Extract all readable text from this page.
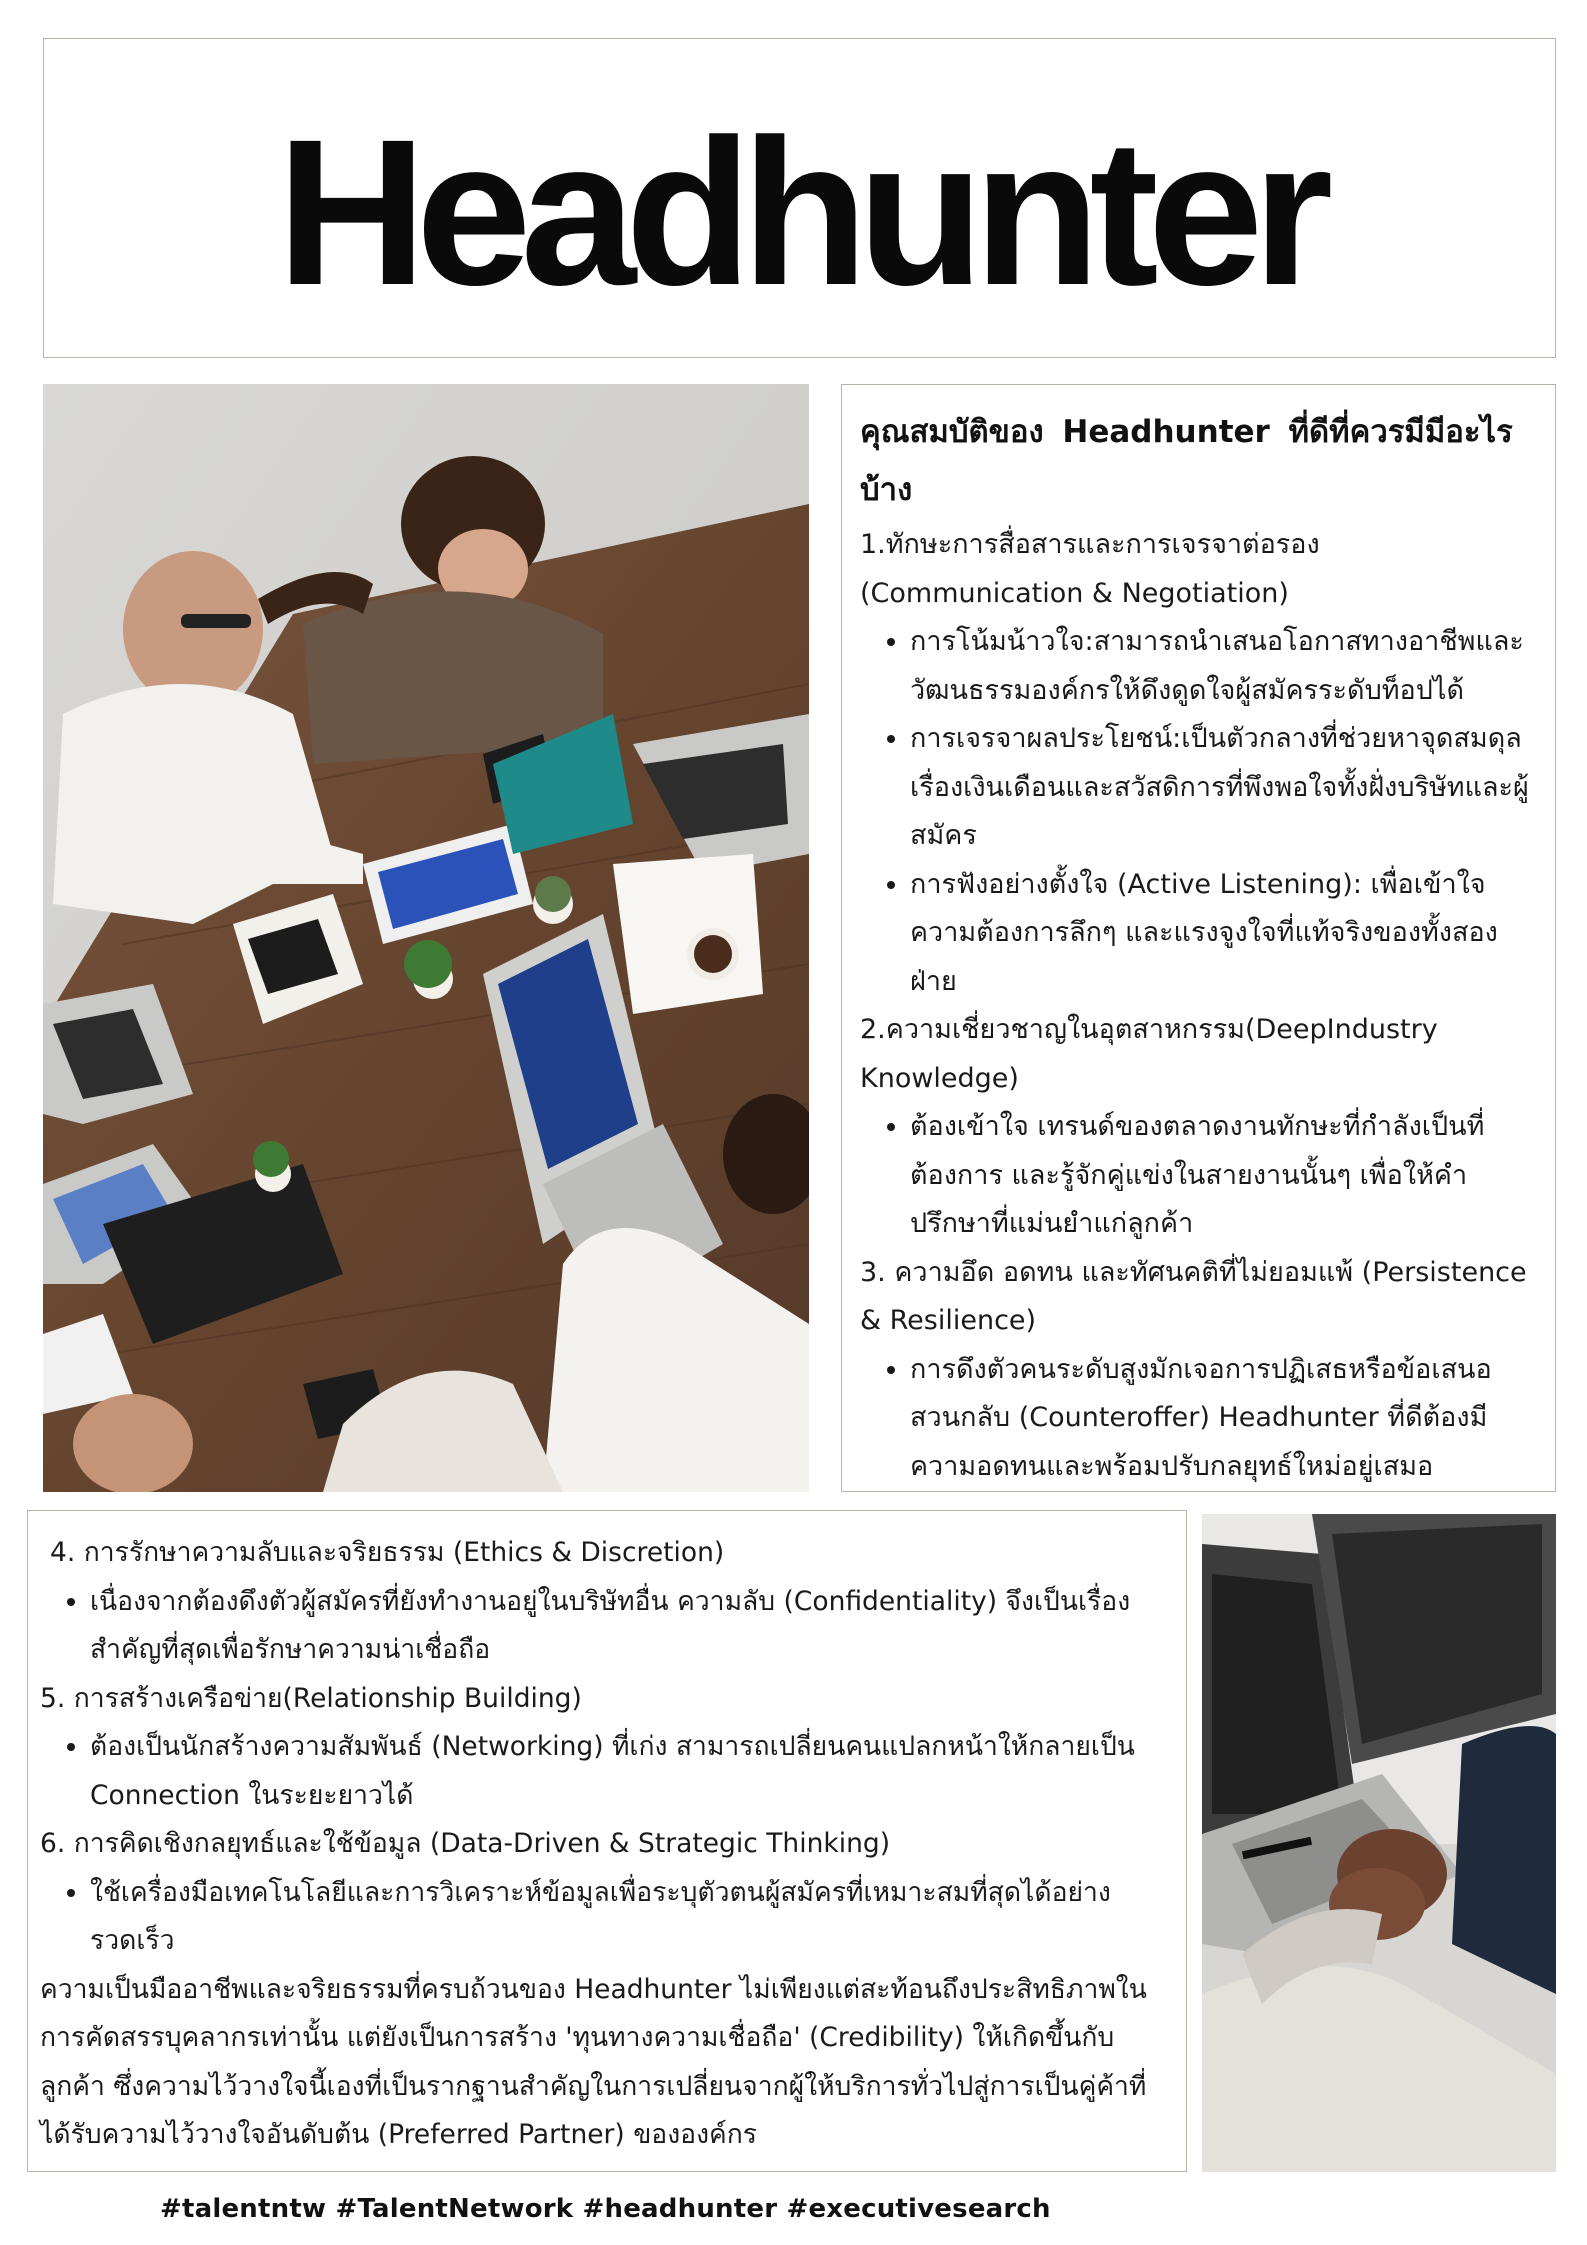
Headhunter
คุณสมบัติของ Headhunter ที่ดีที่ควรมีมีอะไรบ้าง

1.ทักษะการสื่อสารและการเจรจาต่อรอง (Communication & Negotiation)

• การโน้มน้าวใจ:สามารถนำเสนอโอกาสทางอาชีพและวัฒนธรรมองค์กรให้ดึงดูดใจผู้สมัครระดับท็อปได้
• การเจรจาผลประโยชน์:เป็นตัวกลางที่ช่วยหาจุดสมดุลเรื่องเงินเดือนและสวัสดิการที่พึงพอใจทั้งฝั่งบริษัทและผู้สมัคร
• การฟังอย่างตั้งใจ (Active Listening): เพื่อเข้าใจความต้องการลึกๆ และแรงจูงใจที่แท้จริงของทั้งสองฝ่าย

2.ความเชี่ยวชาญในอุตสาหกรรม(DeepIndustry Knowledge)

• ต้องเข้าใจ เทรนด์ของตลาดงานทักษะที่กำลังเป็นที่ต้องการ และรู้จักคู่แข่งในสายงานนั้นๆ เพื่อให้คำปรึกษาที่แม่นยำแก่ลูกค้า

3. ความอึด อดทน และทัศนคติที่ไม่ยอมแพ้ (Persistence & Resilience)

• การดึงตัวคนระดับสูงมักเจอการปฏิเสธหรือข้อเสนอสวนกลับ (Counteroffer) Headhunter ที่ดีต้องมีความอดทนและพร้อมปรับกลยุทธ์ใหม่อยู่เสมอ

4. การรักษาความลับและจริยธรรม (Ethics & Discretion)

• เนื่องจากต้องดึงตัวผู้สมัครที่ยังทำงานอยู่ในบริษัทอื่น ความลับ (Confidentiality) จึงเป็นเรื่องสำคัญที่สุดเพื่อรักษาความน่าเชื่อถือ

5. การสร้างเครือข่าย(Relationship Building)

• ต้องเป็นนักสร้างความสัมพันธ์ (Networking) ที่เก่ง สามารถเปลี่ยนคนแปลกหน้าให้กลายเป็น Connection ในระยะยาวได้

6. การคิดเชิงกลยุทธ์และใช้ข้อมูล (Data-Driven & Strategic Thinking)

• ใช้เครื่องมือเทคโนโลยีและการวิเคราะห์ข้อมูลเพื่อระบุตัวตนผู้สมัครที่เหมาะสมที่สุดได้อย่างรวดเร็ว

ความเป็นมืออาชีพและจริยธรรมที่ครบถ้วนของ Headhunter ไม่เพียงแต่สะท้อนถึงประสิทธิภาพในการคัดสรรบุคลากรเท่านั้น แต่ยังเป็นการสร้าง 'ทุนทางความเชื่อถือ' (Credibility) ให้เกิดขึ้นกับลูกค้า ซึ่งความไว้วางใจนี้เองที่เป็นรากฐานสำคัญในการเปลี่ยนจากผู้ให้บริการทั่วไปสู่การเป็นคู่ค้าที่ได้รับความไว้วางใจอันดับต้น (Preferred Partner) ขององค์กร

#talentntw #TalentNetwork #headhunter #executivesearch
